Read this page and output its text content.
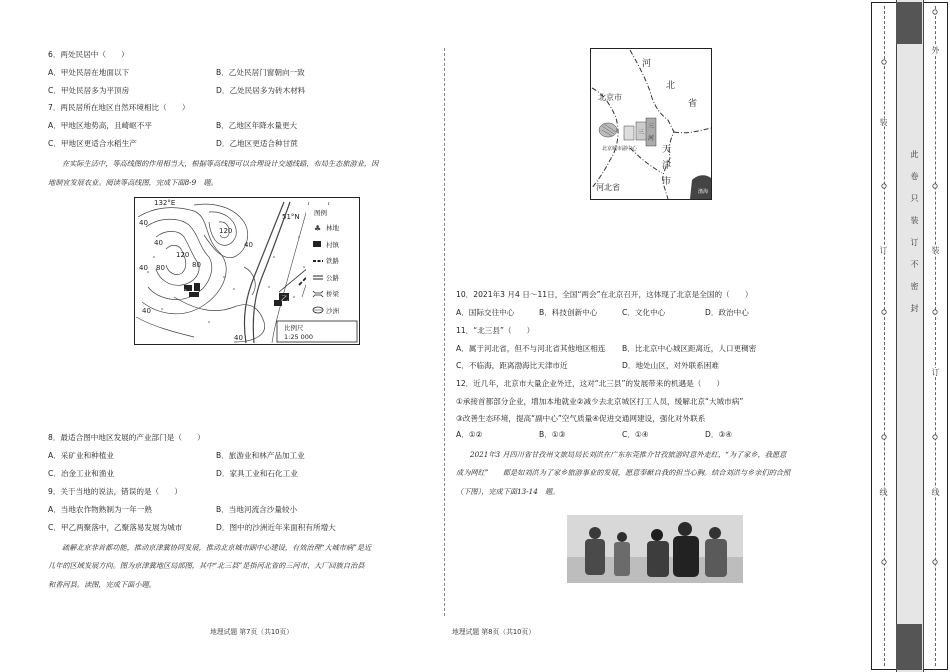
6．两处民居中（　　）
A．甲处民居在地面以下	B．乙处民居门窗朝向一致
C．甲处民居多为平顶房	D．乙处民居多为砖木材料
7．两民居所在地区自然环境相比（　　）
A．甲地区地势高，且崎岖不平	B．乙地区年降水量更大
C．甲地区更适合水稻生产	D．乙地区更适合种甘蔗
在实际生活中，等高线图的作用相当大，根据等高线图可以合理设计交通线路，布局生态旅游业，因
地制宜发展农业。阅读等高线图，完成下面8-9　题。
132°E
51°N
40
40 80
120
120
80
40
40
40
40
甲
乙
图例
♣ 林地
村镇
铁路
公路
桥梁
沙洲
比例尺
1:25 000
8．最适合图中地区发展的产业部门是（　　）
A．采矿业和种植业	B．旅游业和林产品加工业
C．冶金工业和渔业	D．家具工业和石化工业
9．关于当地的说法，错误的是（　　）
A．当地农作物熟制为一年一熟	B．当地河流含沙量较小
C．甲乙两聚落中，乙聚落易发展为城市	D．图中的沙洲近年来面积有所增大
疏解北京非首都功能，推动京津冀协同发展，推动北京城市副中心建设，有效治理“大城市病”是近
几年的区域发展方向。图为京津冀地区局部图，其中“北三县”是指河北省的三河市、大厂回族自治县
和香河县。读图，完成下面小题。
地理试题 第7页（共10页）
河
北
省
北京市
天
津
市
河北省
北京城市副中心
渤海
三
三
河
10．2021年3 月4 日～11日，全国“两会”在北京召开，这体现了北京是全国的（　　）
A．国际交往中心	B．科技创新中心	C．文化中心	D．政治中心
11．“北三县”（　　）
A．属于河北省，但不与河北省其他地区相连 B．比北京中心城区距离近，人口更稠密
C．不临海，距离渤海比天津市近	D．地处山区，对外联系困难
12．近几年，北京市大量企业外迁，这对“北三县”的发展带来的机遇是（　　）
①承接首都部分企业，增加本地就业②减少去北京城区打工人员，缓解北京“大城市病”
③改善生态环境，提高“副中心”空气质量④促进交通网建设，强化对外联系
A．①②	B．①③	C．①④	D．③④
2021年3 月四川省甘孜州文旅局局长刘洪在广东东莞推介甘孜旅游时意外走红，“为了家乡，我愿意
成为网红”　　都是如刘洪为了家乡旅游事业的发展，愿意奉献自我的担当心胸。结合刘洪与乡亲们的合照
（下图），完成下面13-14　题。
地理试题 第8页（共10页）
装
订
线
外
装
订
线
此卷只装订不密封
